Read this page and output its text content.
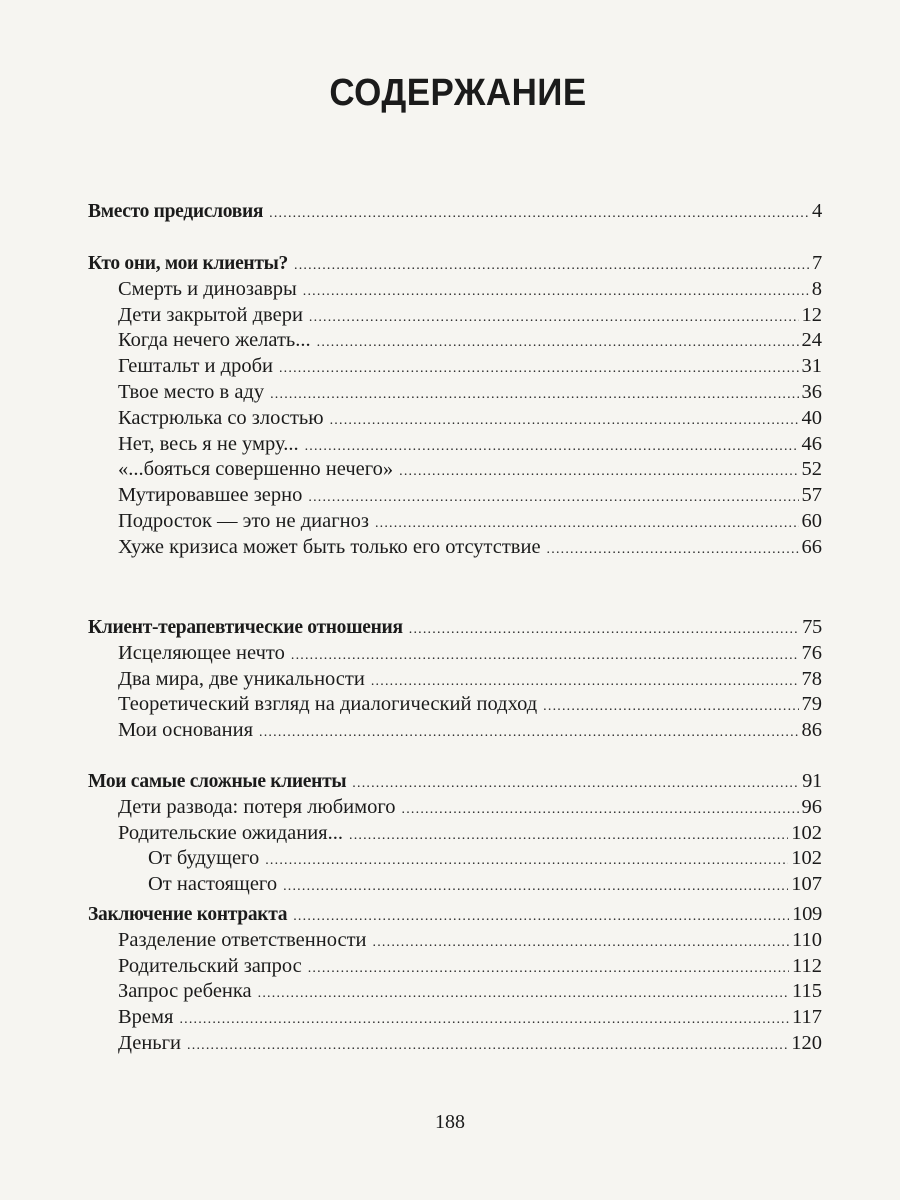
СОДЕРЖАНИЕ
Вместо предисловия .....	4
Кто они, мои клиенты? .....	7
Смерть и динозавры .....	8
Дети закрытой двери .....	12
Когда нечего желать... .....	24
Гештальт и дроби .....	31
Твое место в аду .....	36
Кастрюлька со злостью .....	40
Нет, весь я не умру... .....	46
«...бояться совершенно нечего» .....	52
Мутировавшее зерно .....	57
Подросток — это не диагноз .....	60
Хуже кризиса может быть только его отсутствие .....	66
Клиент-терапевтические отношения .....	75
Исцеляющее нечто .....	76
Два мира, две уникальности .....	78
Теоретический взгляд на диалогический подход .....	79
Мои основания .....	86
Мои самые сложные клиенты .....	91
Дети развода: потеря любимого .....	96
Родительские ожидания... .....	102
От будущего .....	102
От настоящего .....	107
Заключение контракта .....	109
Разделение ответственности .....	110
Родительский запрос .....	112
Запрос ребенка .....	115
Время .....	117
Деньги .....	120
188
